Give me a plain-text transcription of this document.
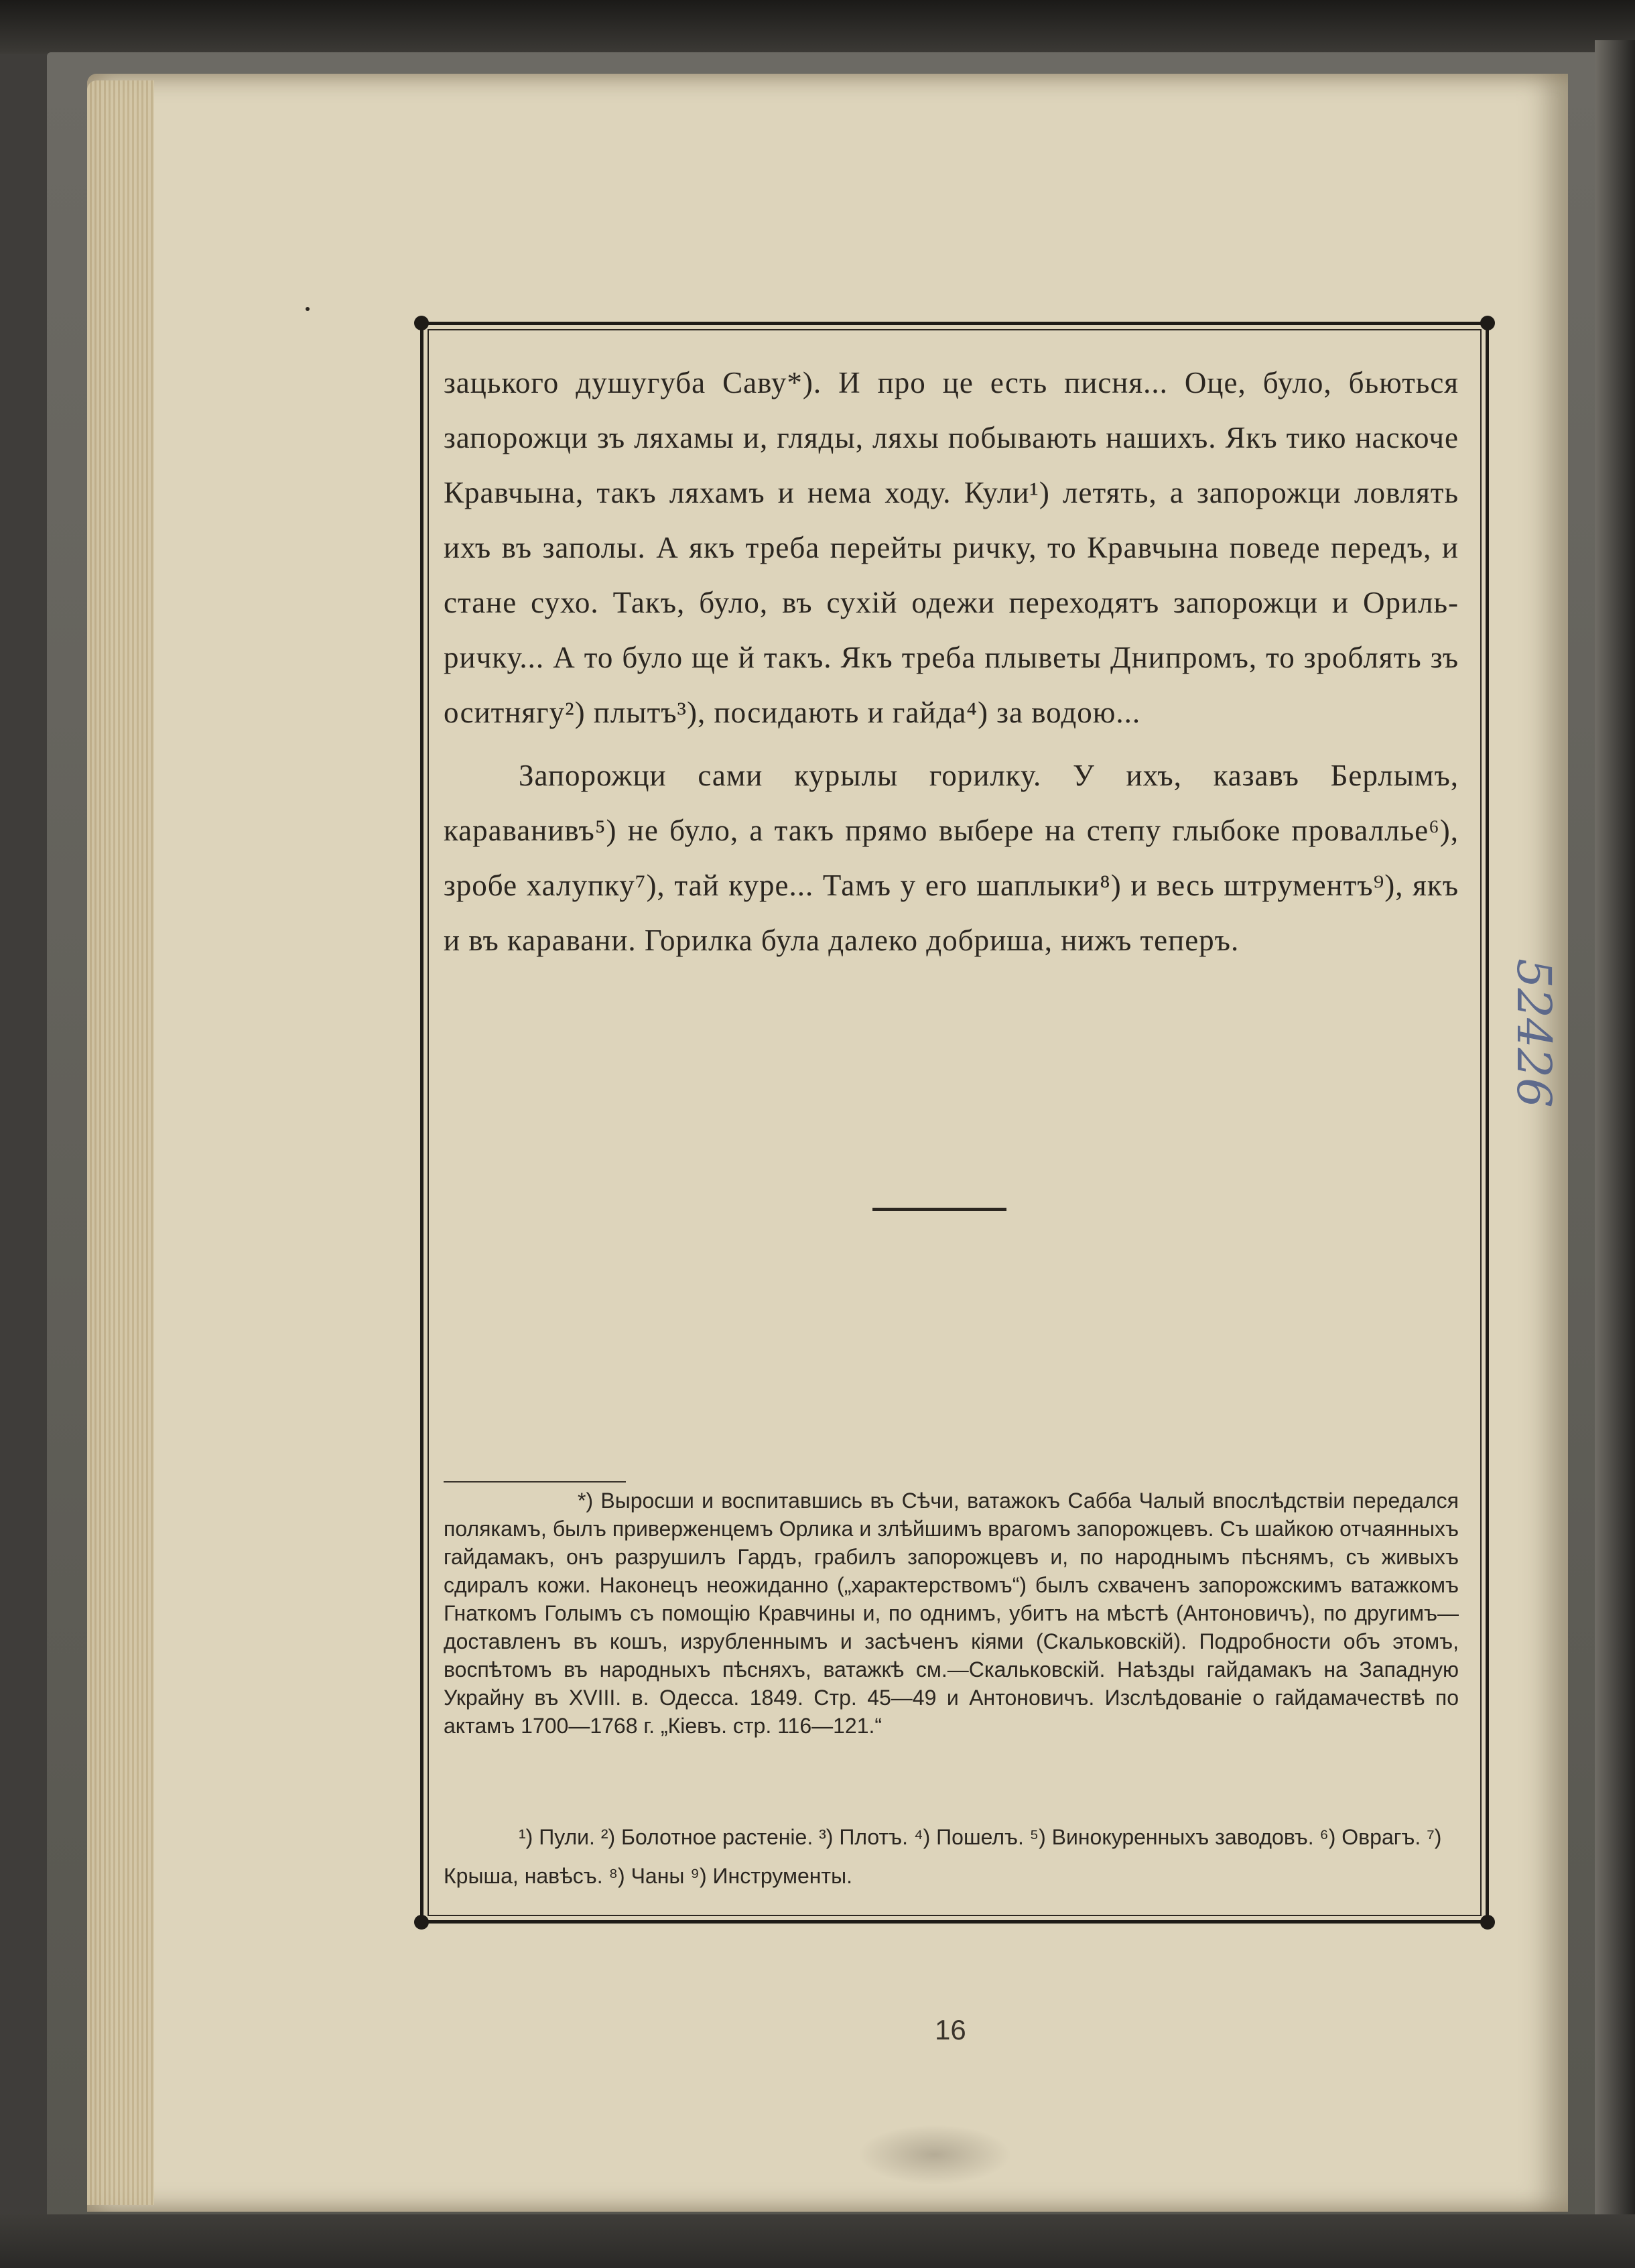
зацького душугуба Саву*). И про це есть писня... Оце, було, бьються запорожци зъ ляхамы и, гляды, ляхы побывають нашихъ. Якъ тико наскоче Кравчына, такъ ляхамъ и нема ходу. Кули¹) летять, а запорожци ловлять ихъ въ заполы. А якъ треба перейты ричку, то Кравчына поведе передъ, и стане сухо. Такъ, було, въ сухій одежи переходятъ запорожци и Ориль-ричку... А то було ще й такъ. Якъ треба плыветы Днипромъ, то зроблять зъ оситнягу²) плытъ³), посидають и гайда⁴) за водою...

Запорожци сами курылы горилку. У ихъ, казавъ Берлымъ, караванивъ⁵) не було, а такъ прямо выбере на степу глыбоке проваллье⁶), зробе халупку⁷), тай куре... Тамъ у его шаплыки⁸) и весь штрументъ⁹), якъ и въ каравани. Горилка була далеко добриша, нижъ теперъ.

*) Выросши и воспитавшись въ Сѣчи, ватажокъ Сабба Чалый впослѣдствіи передался полякамъ, былъ приверженцемъ Орлика и злѣйшимъ врагомъ запорожцевъ. Съ шайкою отчаянныхъ гайдамакъ, онъ разрушилъ Гардъ, грабилъ запорожцевъ и, по народнымъ пѣснямъ, съ живыхъ сдиралъ кожи. Наконецъ неожиданно („характерствомъ“) былъ схваченъ запорожскимъ ватажкомъ Гнаткомъ Голымъ съ помощію Кравчины и, по однимъ, убитъ на мѣстѣ (Антоновичъ), по другимъ—доставленъ въ кошъ, изрубленнымъ и засѣченъ кіями (Скальковскій). Подробности объ этомъ, воспѣтомъ въ народныхъ пѣсняхъ, ватажкѣ см.—Скальковскій. Наѣзды гайдамакъ на Западную Украйну въ XVIII. в. Одесса. 1849. Стр. 45—49 и Антоновичъ. Изслѣдованіе о гайдамачествѣ по актамъ 1700—1768 г. „Кіевъ. стр. 116—121.“

¹) Пули. ²) Болотное растеніе. ³) Плотъ. ⁴) Пошелъ. ⁵) Винокуренныхъ заводовъ. ⁶) Оврагъ. ⁷) Крыша, навѣсъ. ⁸) Чаны ⁹) Инструменты.

16
52426
